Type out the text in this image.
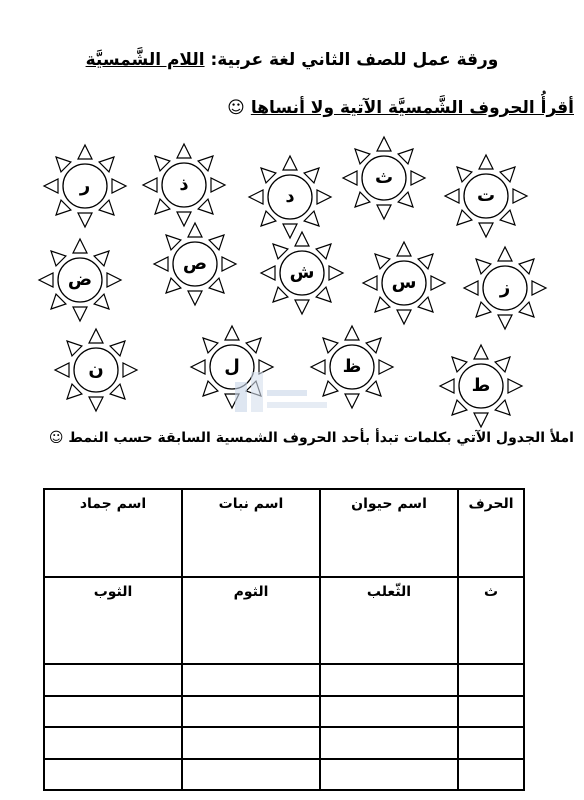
ورقة عمل للصف الثاني لغة عربية: اللام الشَّمسيَّة
أقرأُ الحروف الشَّمسيَّة الآتية ولا أنساها ☺
ت
ث
د
ذ
ر
ز
س
ش
ص
ض
ط
ظ
ل
ن
املأ الجدول الآتي بكلمات تبدأ بأحد الحروف الشمسية السابقة حسب النمط ☺
الحرف	اسم حيوان	اسم نبات	اسم جماد
ث	الثّعلب	الثوم	الثوب
